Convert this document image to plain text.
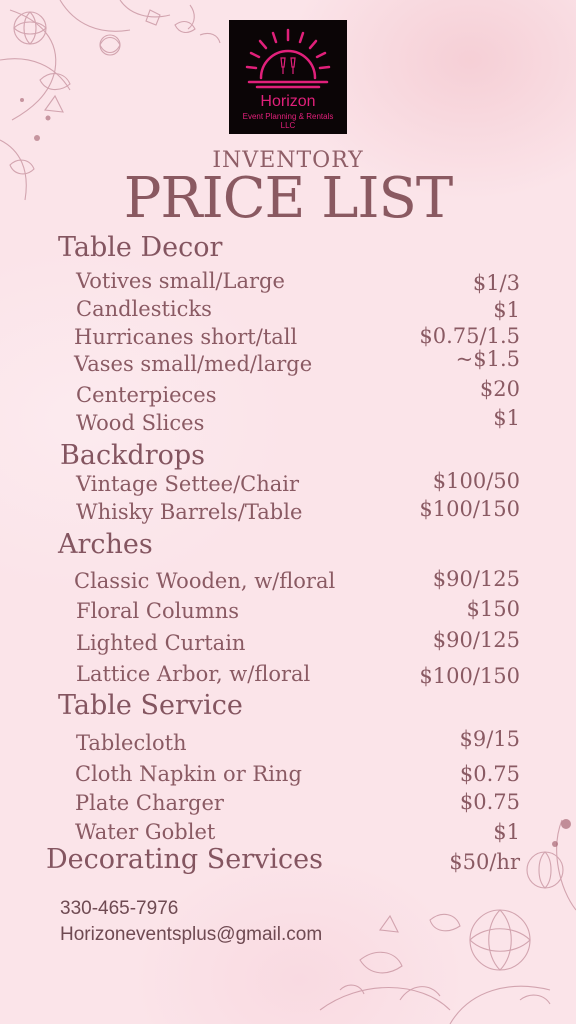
Horizon
Event Planning & Rentals LLC
INVENTORY
PRICE LIST
Table Decor
Votives small/Large	$1/3
Candlesticks	$1
Hurricanes short/tall	$0.75/1.5
Vases small/med/large	~$1.5
Centerpieces	$20
Wood Slices	$1
Backdrops
Vintage Settee/Chair	$100/50
Whisky Barrels/Table	$100/150
Arches
Classic Wooden, w/floral	$90/125
Floral Columns	$150
Lighted Curtain	$90/125
Lattice Arbor, w/floral	$100/150
Table Service
Tablecloth	$9/15
Cloth Napkin or Ring	$0.75
Plate Charger	$0.75
Water Goblet	$1
Decorating Services	$50/hr
330-465-7976
Horizoneventsplus@gmail.com
